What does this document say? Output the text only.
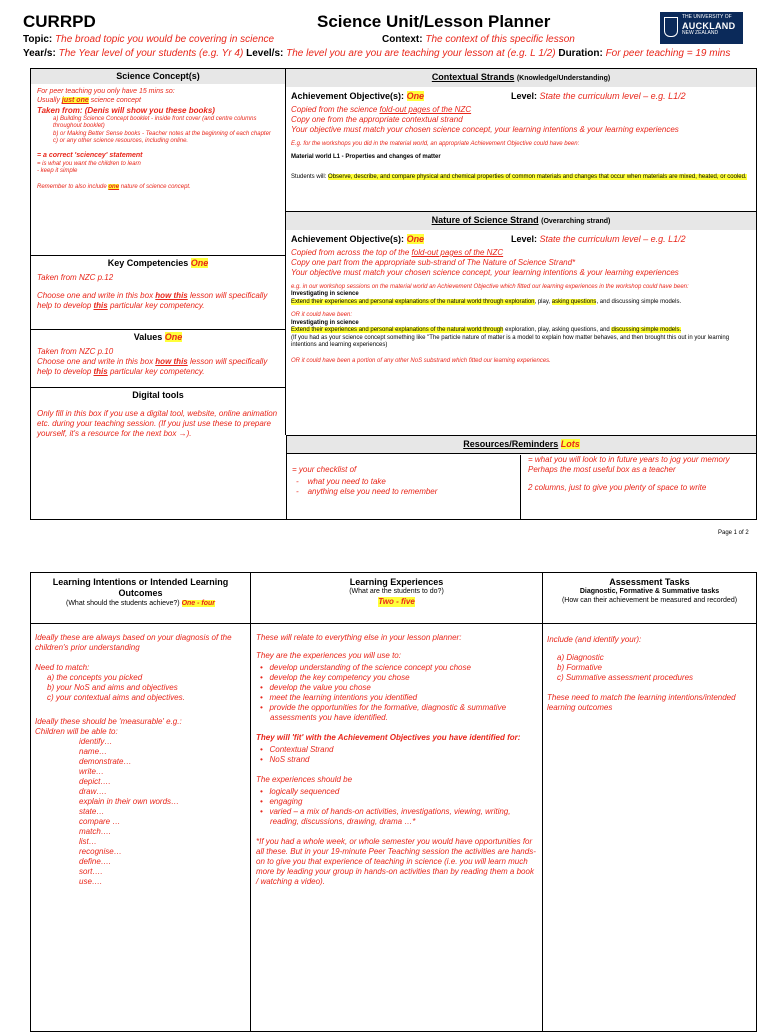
CURRPD	Science Unit/Lesson Planner	THE UNIVERSITY OF
AUCKLAND
NEW ZEALAND
Topic: The broad topic you would be covering in science	Context: The context of this specific lesson
Year/s: The Year level of your students (e.g. Yr 4) Level/s: The level you are you are teaching your lesson at (e.g. L 1/2) Duration: For peer teaching = 19 mins
Science Concept(s)
For peer teaching you only have 15 mins so:
Usually just one science concept
Taken from: (Denis will show you these books)
a) Building Science Concept booklet - inside front cover (and centre columns throughout booklet)
b) or Making Better Sense books - Teacher notes at the beginning of each chapter
c) or any other science resources, including online.
= a correct 'sciencey' statement
= is what you want the children to learn
- keep it simple
Remember to also include one nature of science concept.
Key Competencies One
Taken from NZC p.12
Choose one and write in this box how this lesson will specifically help to develop this particular key competency.
Values One
Taken from NZC p.10
Choose one and write in this box how this lesson will specifically help to develop this particular key competency.
Digital tools
Only fill in this box if you use a digital tool, website, online animation etc. during your teaching session. (If you just use these to prepare yourself, it's a resource for the next box →).
Contextual Strands (Knowledge/Understanding)
Achievement Objective(s): One	Level: State the curriculum level – e.g. L1/2
Copied from the science fold-out pages of the NZC
Copy one from the appropriate contextual strand
Your objective must match your chosen science concept, your learning intentions & your learning experiences
E.g. for the workshops you did in the material world, an appropriate Achievement Objective could have been:
Material world L1 - Properties and changes of matter
Students will: Observe, describe, and compare physical and chemical properties of common materials and changes that occur when materials are mixed, heated, or cooled.
Nature of Science Strand (Overarching strand)
Achievement Objective(s): One	Level: State the curriculum level – e.g. L1/2
Copied from across the top of the fold-out pages of the NZC
Copy one part from the appropriate sub-strand of The Nature of Science Strand*
Your objective must match your chosen science concept, your learning intentions & your learning experiences
e.g. in our workshop sessions on the material world an Achievement Objective which fitted our learning experiences in the workshop could have been:
Investigating in science
Extend their experiences and personal explanations of the natural world through exploration, play, asking questions, and discussing simple models.
OR it could have been:
Investigating in science
Extend their experiences and personal explanations of the natural world through exploration, play, asking questions, and discussing simple models.
(If you had as your science concept something like "The particle nature of matter is a model to explain how matter behaves, and then brought this out in your learning intentions and learning experiences)
OR it could have been a portion of any other NoS substrand which fitted our learning experiences.
Resources/Reminders Lots
= your checklist of
-    what you need to take
-    anything else you need to remember
= what you will look to in future years to jog your memory
Perhaps the most useful box as a teacher
2 columns, just to give you plenty of space to write
Page 1 of 2
Learning Intentions or Intended Learning Outcomes
(What should the students achieve?) One - four
Ideally these are always based on your diagnosis of the children's prior understanding
Need to match:
a) the concepts you picked
b) your NoS and aims and objectives
c) your contextual aims and objectives.
Ideally these should be 'measurable' e.g.:
Children will be able to:
identify…
name…
demonstrate…
write…
depict….
draw….
explain in their own words…
state…
compare …
match….
list…
recognise…
define….
sort….
use….
Learning Experiences
(What are the students to do?)
Two - five
These will relate to everything else in your lesson planner:
They are the experiences you will use to:
•   develop understanding of the science concept you chose
•   develop the key competency you chose
•   develop the value you chose
•   meet the learning intentions you identified
•   provide the opportunities for the formative, diagnostic & summative assessments you have identified.
They will 'fit' with the Achievement Objectives you have identified for:
•   Contextual Strand
•   NoS strand
The experiences should be
•   logically sequenced
•   engaging
•   varied – a mix of hands-on activities, investigations, viewing, writing, reading, discussions, drawing, drama …*
*If you had a whole week, or whole semester you would have opportunities for all these. But in your 19-minute Peer Teaching session the activities are hands-on to give you that experience of teaching in science (i.e. you will learn much more by leading your group in hands-on activities than by reading them a book / watching a video).
Assessment Tasks
Diagnostic, Formative & Summative tasks
(How can their achievement be measured and recorded)
Include (and identify your):
a) Diagnostic
b) Formative
c) Summative assessment procedures
These need to match the learning intentions/intended learning outcomes
